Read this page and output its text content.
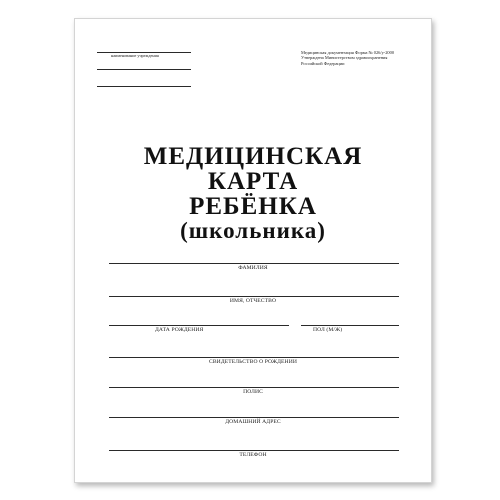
наименование учреждения
Медицинская документация Форма № 026/у-2000
Утверждена Министерством здравоохранения
Российской Федерации
МЕДИЦИНСКАЯ
КАРТА
РЕБЁНКА
(школьника)
ФАМИЛИЯ
ИМЯ, ОТЧЕСТВО
ДАТА РОЖДЕНИЯ	ПОЛ (М/Ж)
СВИДЕТЕЛЬСТВО О РОЖДЕНИИ
ПОЛИС
ДОМАШНИЙ АДРЕС
ТЕЛЕФОН
